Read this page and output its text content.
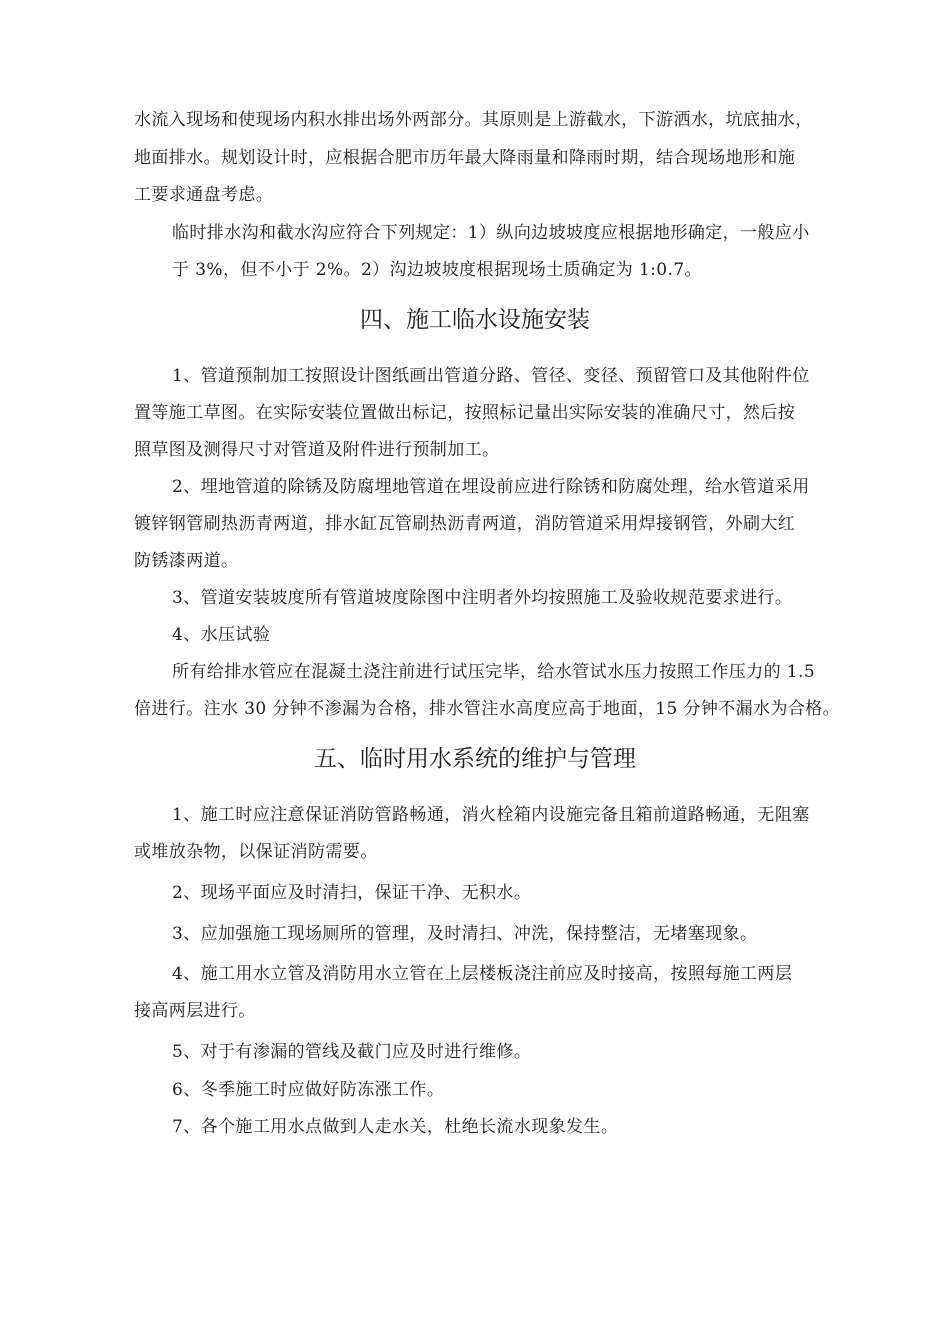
水流入现场和使现场内积水排出场外两部分。其原则是上游截水，下游洒水，坑底抽水，
地面排水。规划设计时，应根据合肥市历年最大降雨量和降雨时期，结合现场地形和施
工要求通盘考虑。
临时排水沟和截水沟应符合下列规定：1）纵向边坡坡度应根据地形确定，一般应小
于 3%，但不小于 2%。2）沟边坡坡度根据现场土质确定为 1:0.7。
四、施工临水设施安装
1、管道预制加工按照设计图纸画出管道分路、管径、变径、预留管口及其他附件位
置等施工草图。在实际安装位置做出标记，按照标记量出实际安装的准确尺寸，然后按
照草图及测得尺寸对管道及附件进行预制加工。
2、埋地管道的除锈及防腐埋地管道在埋设前应进行除锈和防腐处理，给水管道采用
镀锌钢管刷热沥青两道，排水缸瓦管刷热沥青两道，消防管道采用焊接钢管，外刷大红
防锈漆两道。
3、管道安装坡度所有管道坡度除图中注明者外均按照施工及验收规范要求进行。
4、水压试验
所有给排水管应在混凝土浇注前进行试压完毕，给水管试水压力按照工作压力的 1.5
倍进行。注水 30 分钟不渗漏为合格，排水管注水高度应高于地面，15 分钟不漏水为合格。
五、临时用水系统的维护与管理
1、施工时应注意保证消防管路畅通，消火栓箱内设施完备且箱前道路畅通，无阻塞
或堆放杂物，以保证消防需要。
2、现场平面应及时清扫，保证干净、无积水。
3、应加强施工现场厕所的管理，及时清扫、冲洗，保持整洁，无堵塞现象。
4、施工用水立管及消防用水立管在上层楼板浇注前应及时接高，按照每施工两层
接高两层进行。
5、对于有渗漏的管线及截门应及时进行维修。
6、冬季施工时应做好防冻涨工作。
7、各个施工用水点做到人走水关，杜绝长流水现象发生。
